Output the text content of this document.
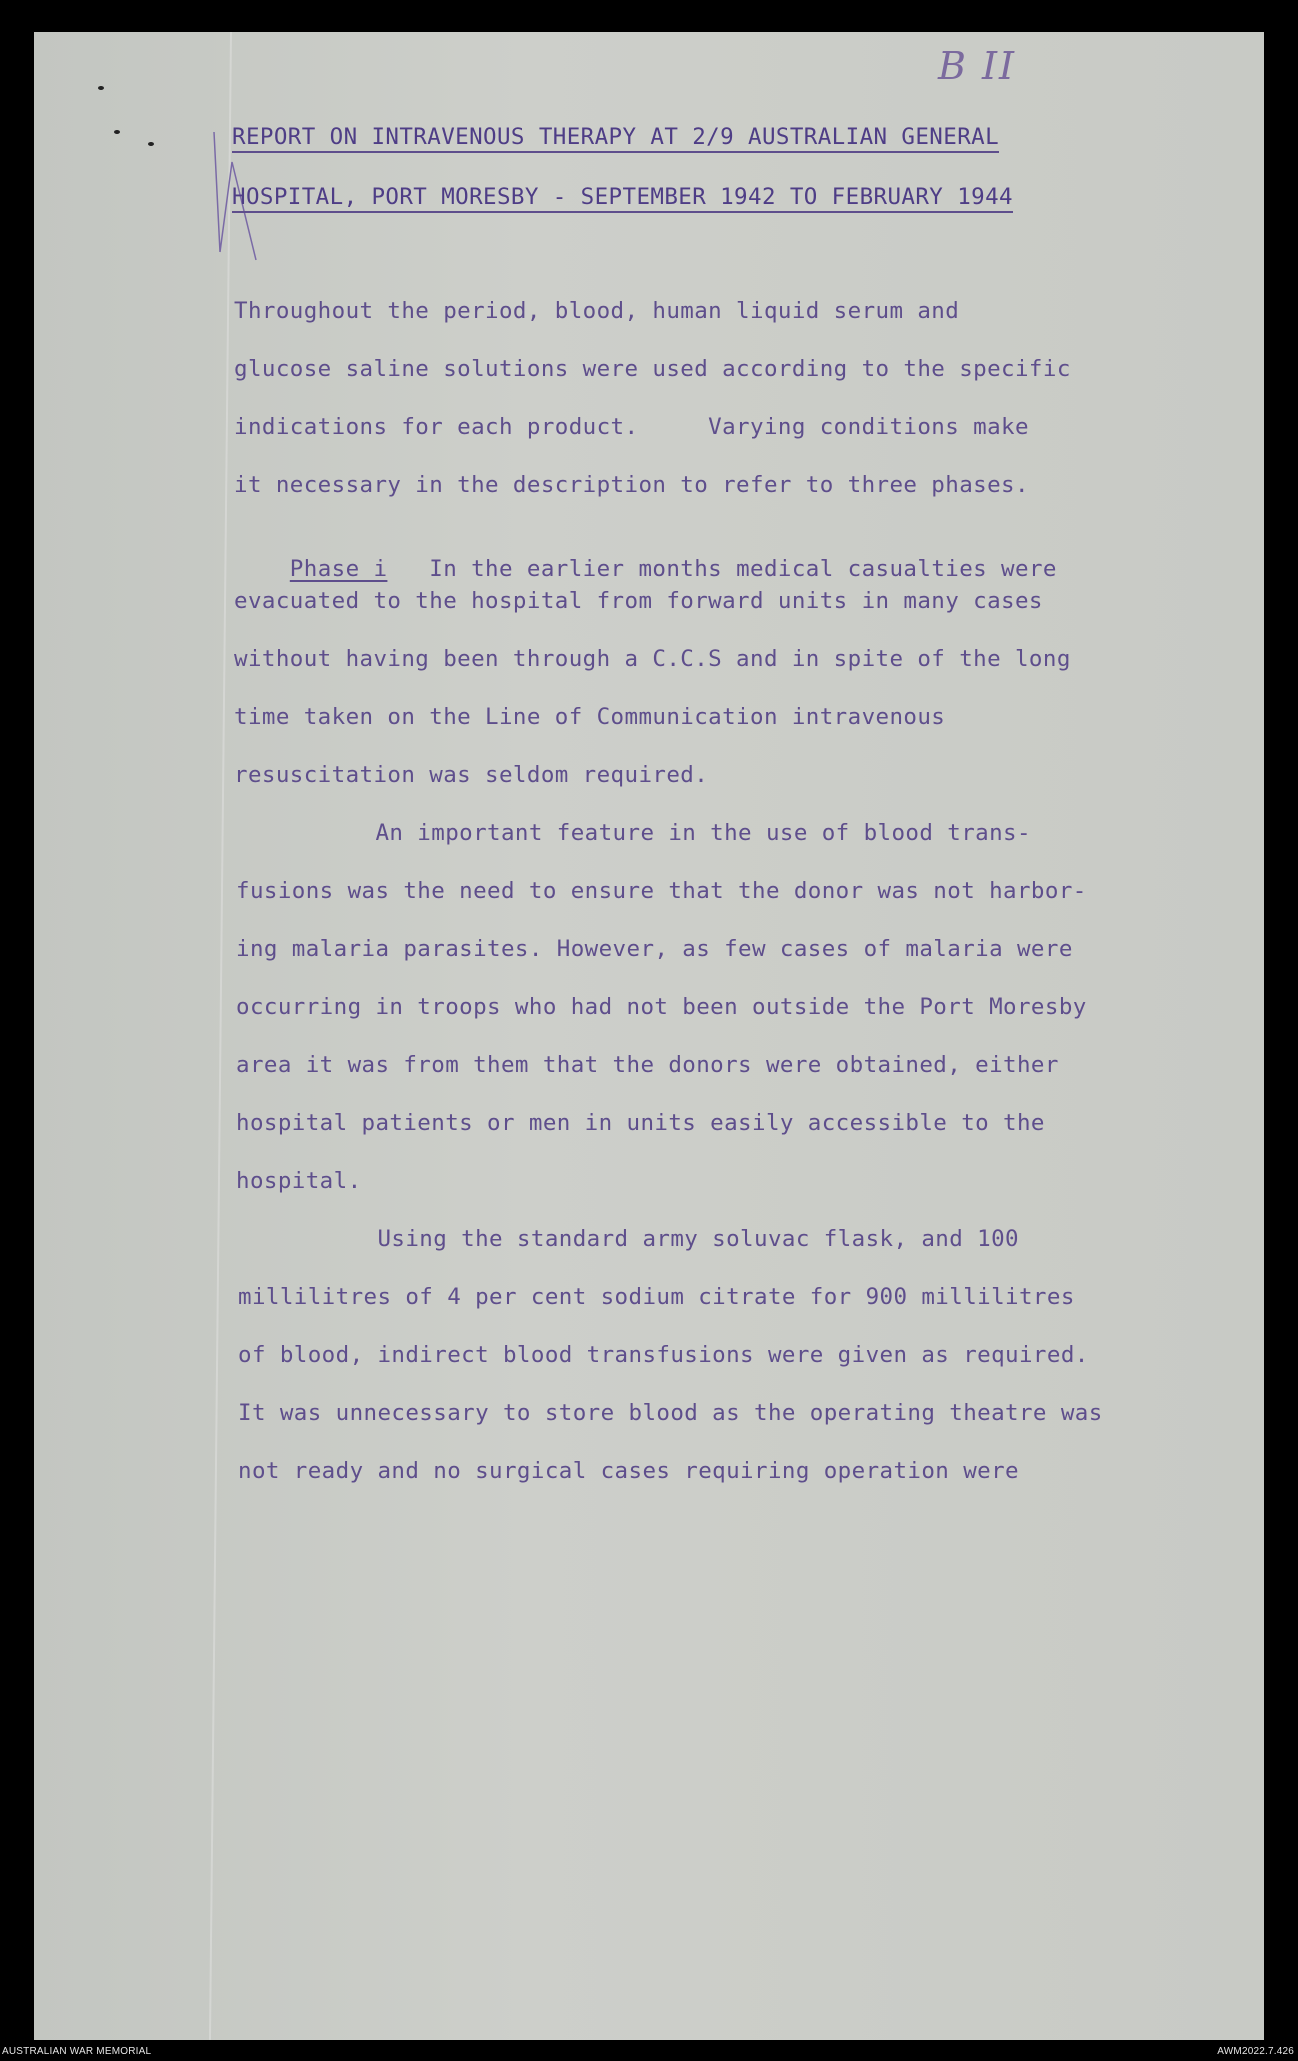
B II
REPORT ON INTRAVENOUS THERAPY AT 2/9 AUSTRALIAN GENERAL
HOSPITAL, PORT MORESBY - SEPTEMBER 1942 TO FEBRUARY 1944
Throughout the period, blood, human liquid serum and
glucose saline solutions were used according to the specific
indications for each product.     Varying conditions make
it necessary in the description to refer to three phases.

Phase i   In the earlier months medical casualties were

evacuated to the hospital from forward units in many cases
without having been through a C.C.S and in spite of the long
time taken on the Line of Communication intravenous
resuscitation was seldom required.
An important feature in the use of blood trans-
fusions was the need to ensure that the donor was not harbor-
ing malaria parasites. However, as few cases of malaria were
occurring in troops who had not been outside the Port Moresby
area it was from them that the donors were obtained, either
hospital patients or men in units easily accessible to the
hospital.
Using the standard army soluvac flask, and 100
millilitres of 4 per cent sodium citrate for 900 millilitres
of blood, indirect blood transfusions were given as required.
It was unnecessary to store blood as the operating theatre was
not ready and no surgical cases requiring operation were
AUSTRALIAN WAR MEMORIAL	AWM2022.7.426
